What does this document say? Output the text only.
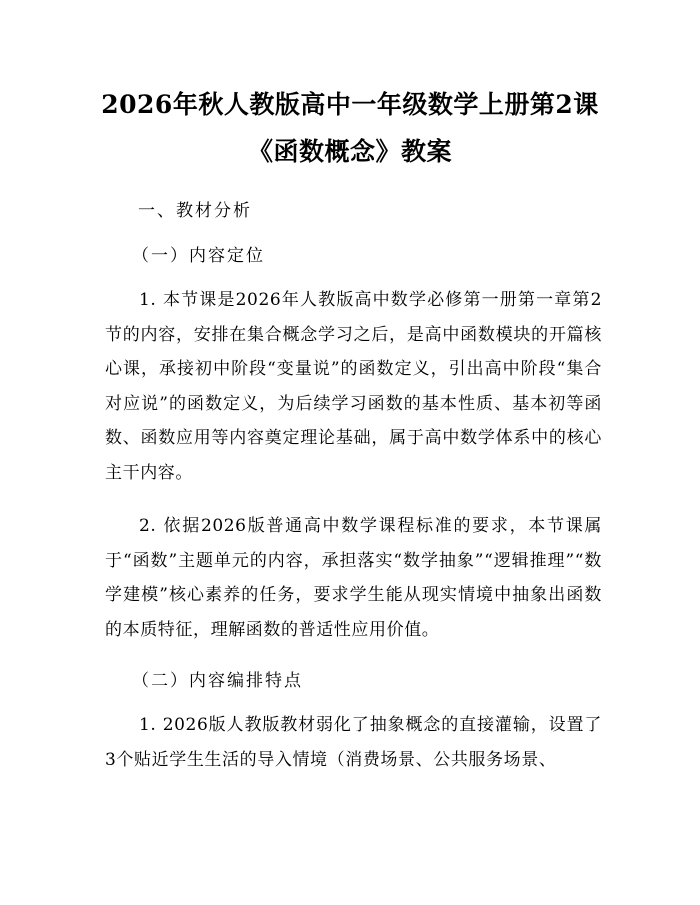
2026年秋人教版高中一年级数学上册第2课
《函数概念》教案
一、教材分析
（一）内容定位
1. 本节课是2026年人教版高中数学必修第一册第一章第2节的内容，安排在集合概念学习之后，是高中函数模块的开篇核心课，承接初中阶段“变量说”的函数定义，引出高中阶段“集合对应说”的函数定义，为后续学习函数的基本性质、基本初等函数、函数应用等内容奠定理论基础，属于高中数学体系中的核心主干内容。
2. 依据2026版普通高中数学课程标准的要求，本节课属于“函数”主题单元的内容，承担落实“数学抽象”“逻辑推理”“数学建模”核心素养的任务，要求学生能从现实情境中抽象出函数的本质特征，理解函数的普适性应用价值。
（二）内容编排特点
1. 2026版人教版教材弱化了抽象概念的直接灌输，设置了3个贴近学生生活的导入情境（消费场景、公共服务场景、
